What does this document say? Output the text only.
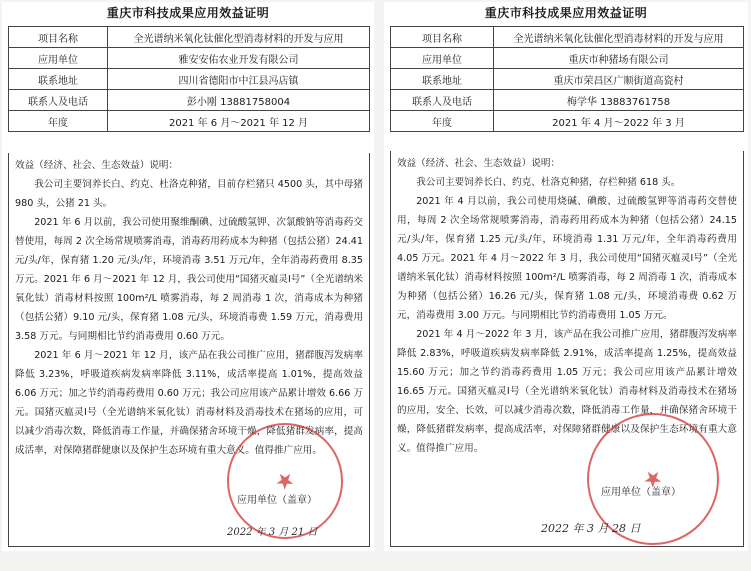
重庆市科技成果应用效益证明
项目名称	全光谱纳米氧化钛催化型消毒材料的开发与应用
应用单位	雅安安佑农业开发有限公司
联系地址	四川省德阳市中江县冯店镇
联系人及电话	彭小刚 13881758004
年度	2021 年 6 月～2021 年 12 月

效益（经济、社会、生态效益）说明：

我公司主要饲养长白、约克、杜洛克种猪，目前存栏猪只 4500 头，其中母猪 980 头，公猪 21 头。

2021 年 6 月以前，我公司使用聚维酮碘、过硫酸氢钾、次氯酸钠等消毒药交替使用，每周 2 次全场常规喷雾消毒，消毒药用药成本为种猪（包括公猪）24.41 元/头/年，保育猪 1.20 元/头/年，环境消毒 3.51 万元/年，全年消毒药费用 8.35 万元。2021 年 6 月～2021 年 12 月，我公司使用“国猪灭瘟灵Ⅰ号”（全光谱纳米氧化钛）消毒材料按照 100m²/L 喷雾消毒，每 2 周消毒 1 次，消毒成本为种猪（包括公猪）9.10 元/头，保育猪 1.08 元/头，环境消毒费 1.59 万元，消毒费用 3.58 万元。与同期相比节约消毒费用 0.60 万元。

2021 年 6 月～2021 年 12 月，该产品在我公司推广应用，猪群腹泻发病率降低 3.23%，呼吸道疾病发病率降低 3.11%，成活率提高 1.01%，提高效益 6.06 万元；加之节约消毒药费用 0.60 万元；我公司应用该产品累计增效 6.66 万元。国猪灭瘟灵Ⅰ号（全光谱纳米氧化钛）消毒材料及消毒技术在猪场的应用，可以减少消毒次数，降低消毒工作量，并确保猪舍环境干燥，降低猪群发病率，提高成活率，对保障猪群健康以及保护生态环境有重大意义。值得推广应用。

★
应用单位（盖章）
2022 年 3 月 21 日
重庆市科技成果应用效益证明
项目名称	全光谱纳米氧化钛催化型消毒材料的开发与应用
应用单位	重庆市种猪场有限公司
联系地址	重庆市荣昌区广顺街道高瓷村
联系人及电话	梅学华 13883761758
年度	2021 年 4 月～2022 年 3 月

效益（经济、社会、生态效益）说明：

我公司主要饲养长白、约克、杜洛克种猪，存栏种猪 618 头。

2021 年 4 月以前，我公司使用烧碱、碘酸、过硫酸氢钾等消毒药交替使用，每周 2 次全场常规喷雾消毒，消毒药用药成本为种猪（包括公猪）24.15 元/头/年，保育猪 1.25 元/头/年，环境消毒 1.31 万元/年，全年消毒药费用 4.05 万元。2021 年 4 月～2022 年 3 月，我公司使用“国猪灭瘟灵Ⅰ号”（全光谱纳米氧化钛）消毒材料按照 100m²/L 喷雾消毒，每 2 周消毒 1 次，消毒成本为种猪（包括公猪）16.26 元/头，保育猪 1.08 元/头，环境消毒费 0.62 万元，消毒费用 3.00 万元。与同期相比节约消毒费用 1.05 万元。

2021 年 4 月～2022 年 3 月，该产品在我公司推广应用，猪群腹泻发病率降低 2.83%，呼吸道疾病发病率降低 2.91%，成活率提高 1.25%，提高效益 15.60 万元；加之节约消毒药费用 1.05 万元；我公司应用该产品累计增效 16.65 万元。国猪灭瘟灵Ⅰ号（全光谱纳米氧化钛）消毒材料及消毒技术在猪场的应用，安全、长效，可以减少消毒次数，降低消毒工作量，并确保猪舍环境干燥，降低猪群发病率，提高成活率，对保障猪群健康以及保护生态环境有重大意义。值得推广应用。

★
应用单位（盖章）
2022 年 3 月 28 日
